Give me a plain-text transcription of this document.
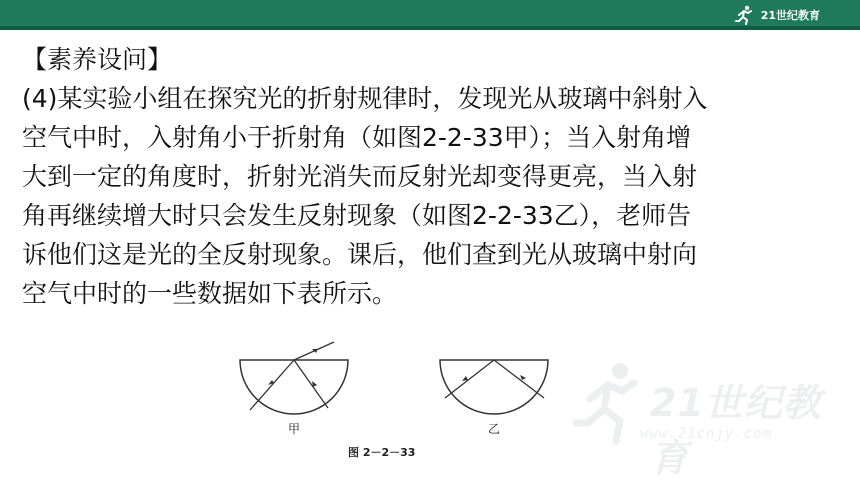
21世纪教育
【素养设问】

(4)某实验小组在探究光的折射规律时，发现光从玻璃中斜射入

空气中时，入射角小于折射角（如图2-2-33甲）；当入射角增

大到一定的角度时，折射光消失而反射光却变得更亮，当入射

角再继续增大时只会发生反射现象（如图2-2-33乙），老师告

诉他们这是光的全反射现象。课后，他们查到光从玻璃中射向

空气中时的一些数据如下表所示。

21世纪教育
www.21cnjy.com
甲	乙
图 2－2－33
